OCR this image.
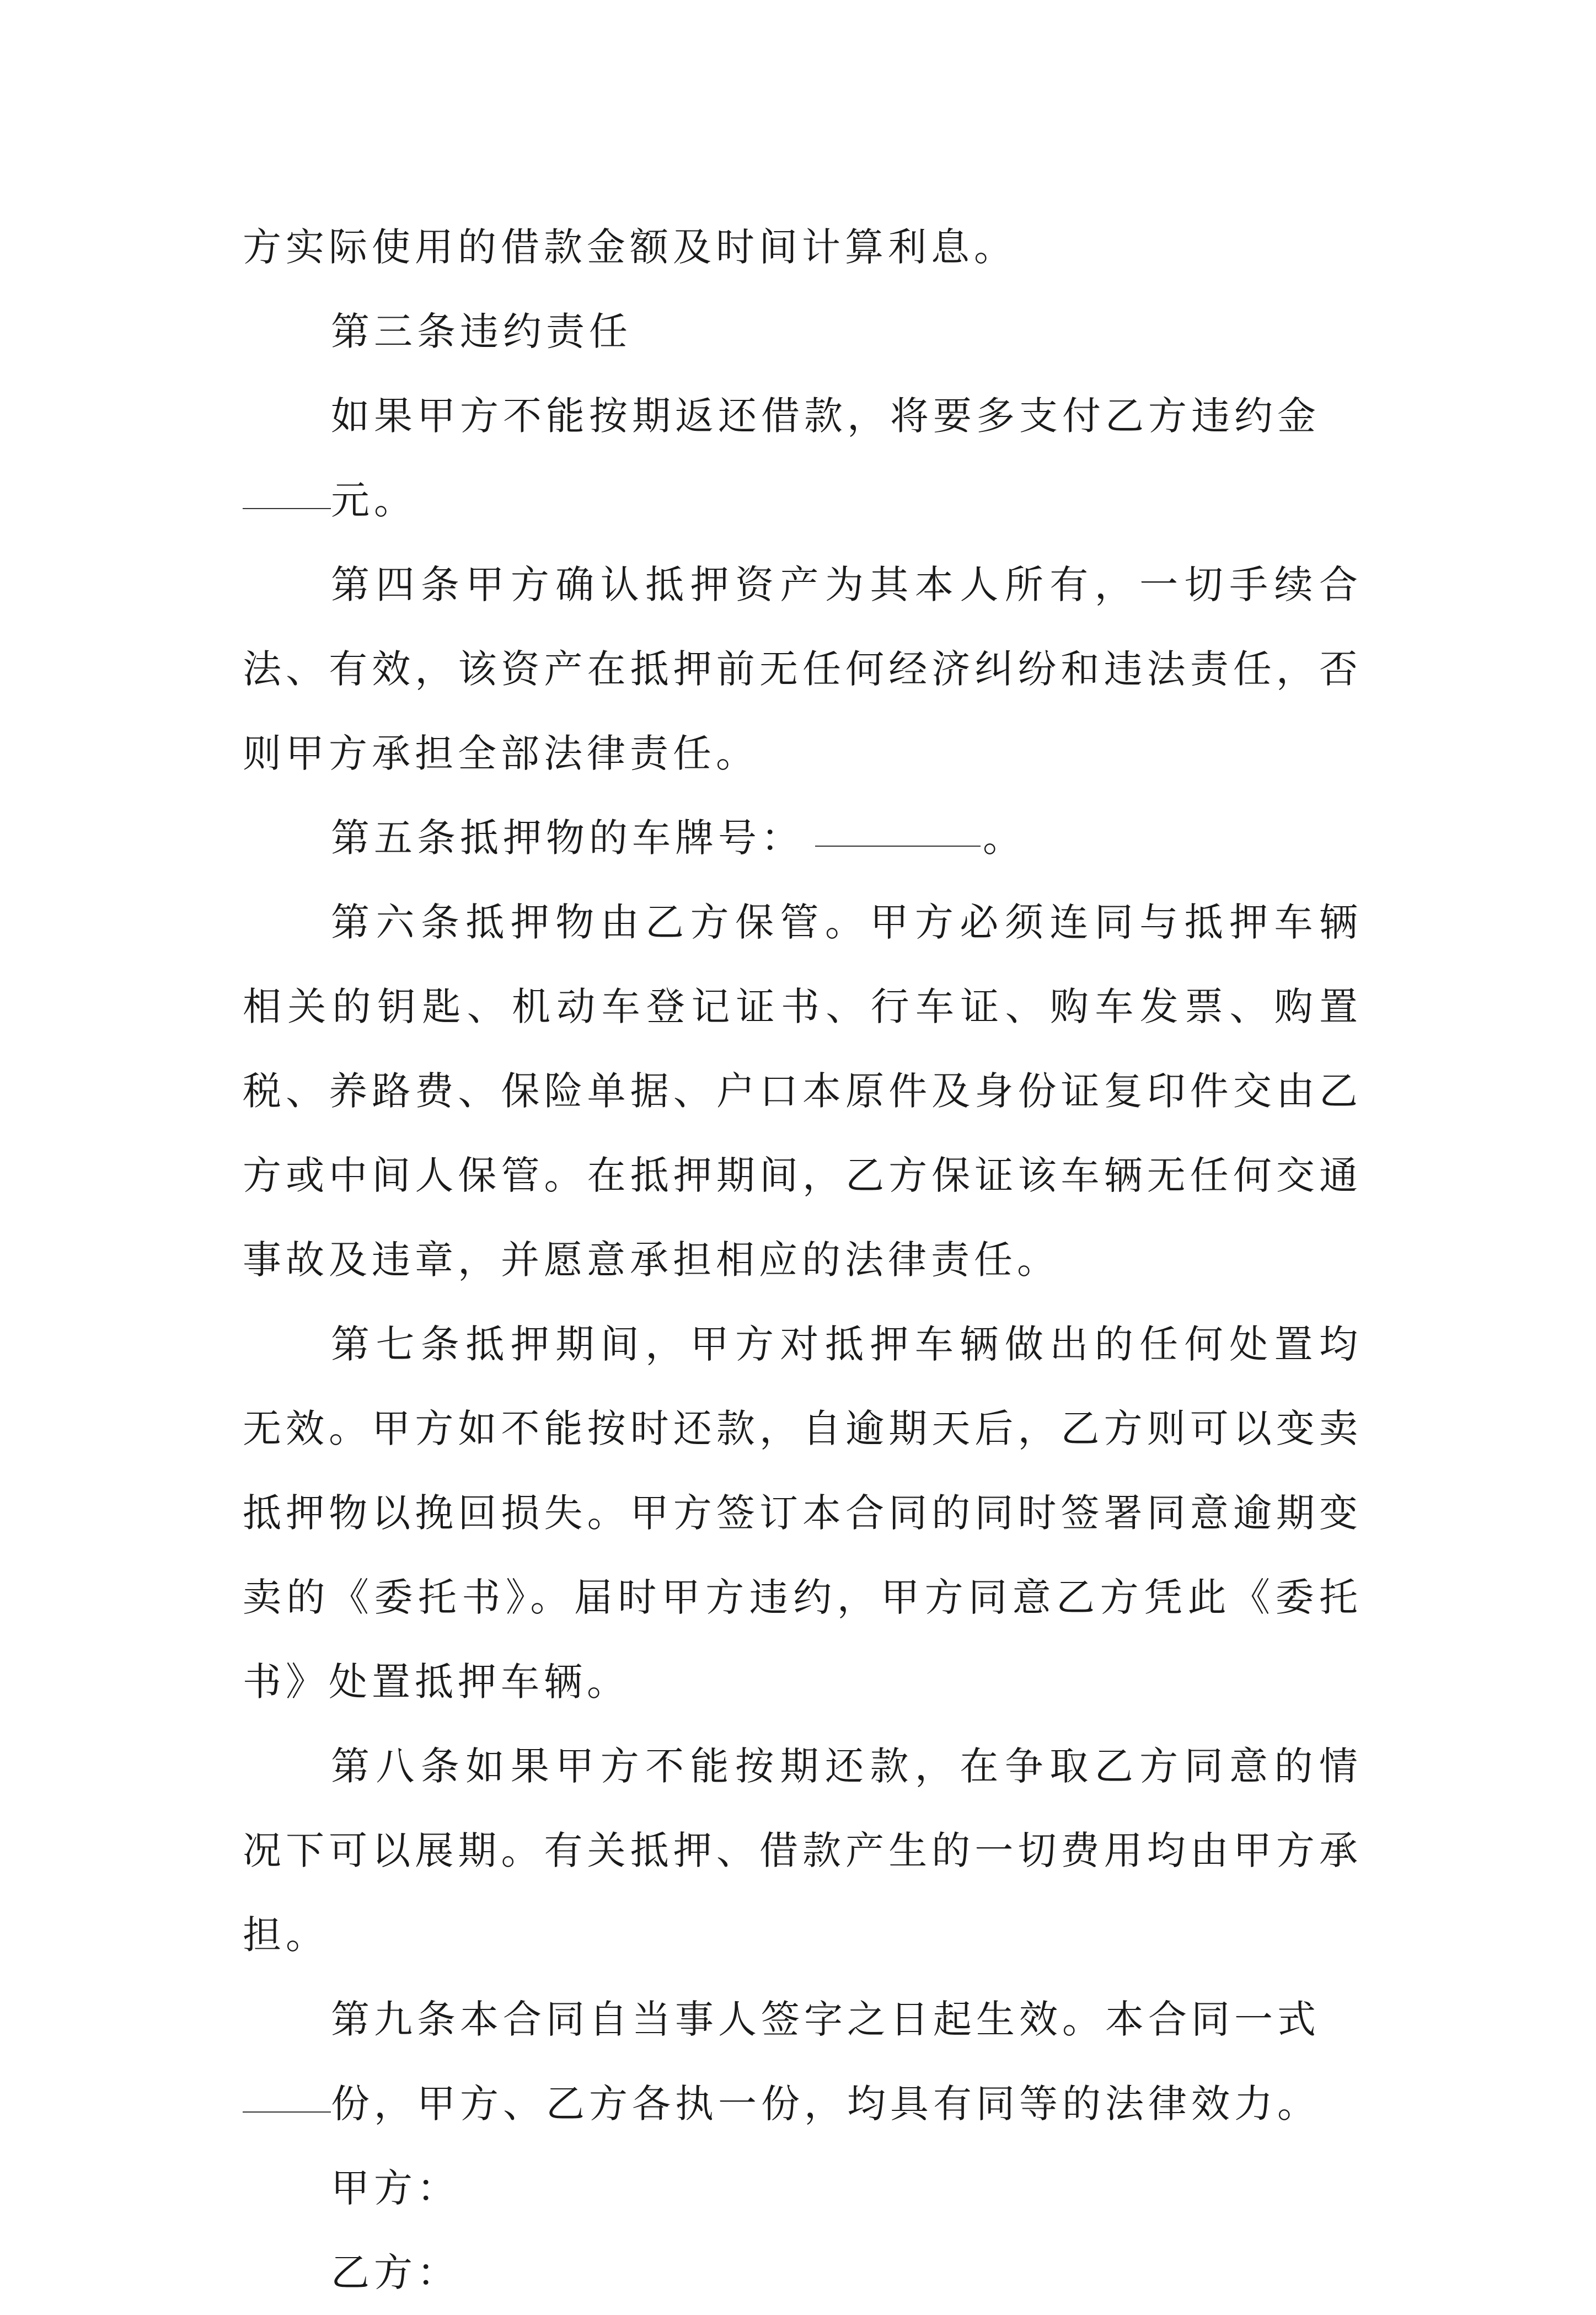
方实际使用的借款金额及时间计算利息。

第三条违约责任

如果甲方不能按期返还借款，将要多支付乙方违约金
元。

第四条甲方确认抵押资产为其本人所有，一切手续合法、有效，该资产在抵押前无任何经济纠纷和违法责任，否则甲方承担全部法律责任。

第五条抵押物的车牌号：	。

第六条抵押物由乙方保管。甲方必须连同与抵押车辆相关的钥匙、机动车登记证书、行车证、购车发票、购置税、养路费、保险单据、户口本原件及身份证复印件交由乙方或中间人保管。在抵押期间，乙方保证该车辆无任何交通事故及违章，并愿意承担相应的法律责任。

第七条抵押期间，甲方对抵押车辆做出的任何处置均无效。甲方如不能按时还款，自逾期天后，乙方则可以变卖抵押物以挽回损失。甲方签订本合同的同时签署同意逾期变卖的《委托书》。届时甲方违约，甲方同意乙方凭此《委托书》处置抵押车辆。

第八条如果甲方不能按期还款，在争取乙方同意的情况下可以展期。有关抵押、借款产生的一切费用均由甲方承担。

第九条本合同自当事人签字之日起生效。本合同一式
份，甲方、乙方各执一份，均具有同等的法律效力。

甲方：

乙方：
